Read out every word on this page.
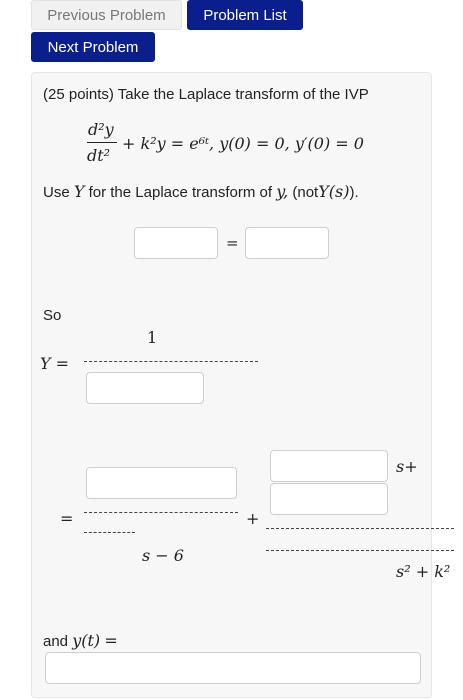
Previous Problem	Problem List
Next Problem
(25 points) Take the Laplace transform of the IVP
d²y
dt²
+ k²y = e⁶ᵗ, y(0) = 0, y′(0) = 0
Use Y for the Laplace transform of y, (notY(s)).
=
So
1
Y =
s − 6
=	+
s+
s² + k²
and y(t) =
